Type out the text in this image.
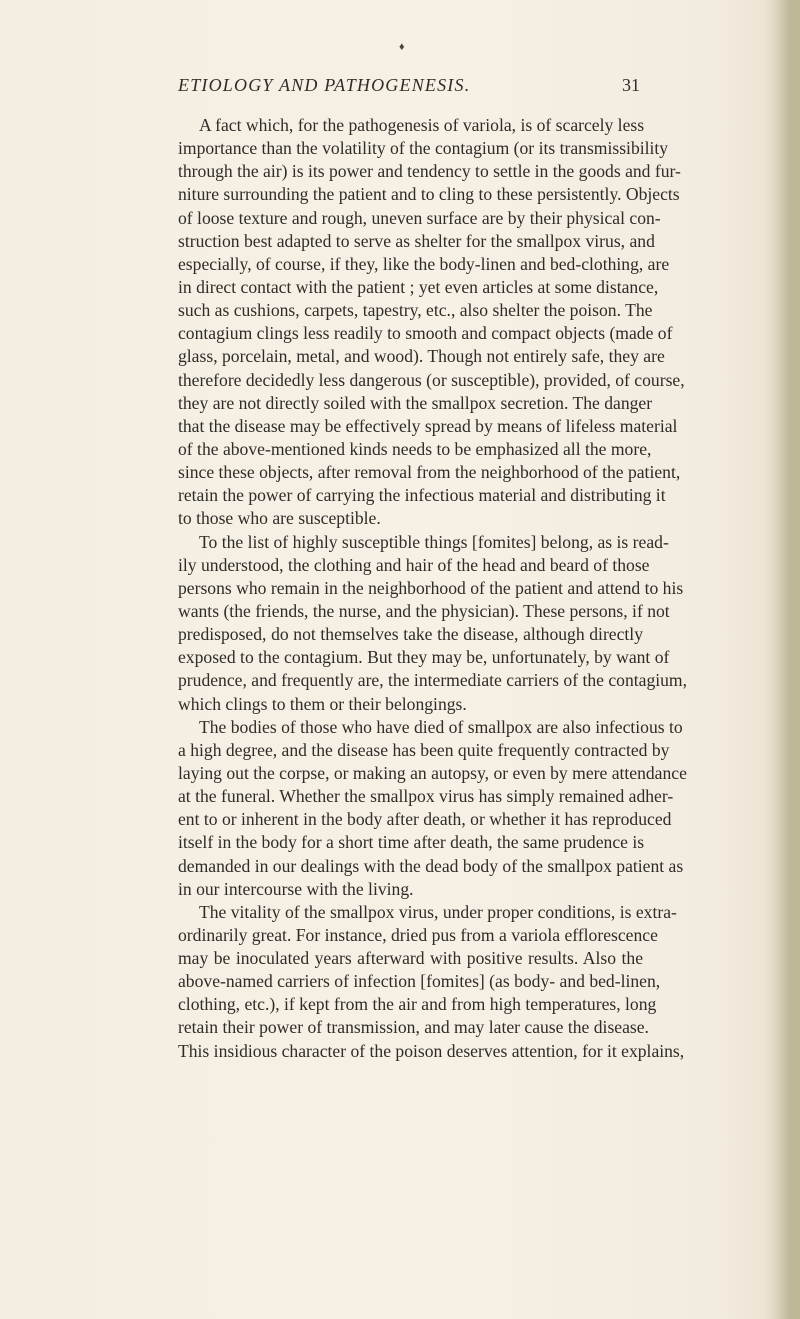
♦
ETIOLOGY AND PATHOGENESIS.	31
A fact which, for the pathogenesis of variola, is of scarcely less
importance than the volatility of the contagium (or its transmissibility
through the air) is its power and tendency to settle in the goods and fur-
niture surrounding the patient and to cling to these persistently. Objects
of loose texture and rough, uneven surface are by their physical con-
struction best adapted to serve as shelter for the smallpox virus, and
especially, of course, if they, like the body-linen and bed-clothing, are
in direct contact with the patient ; yet even articles at some distance,
such as cushions, carpets, tapestry, etc., also shelter the poison. The
contagium clings less readily to smooth and compact objects (made of
glass, porcelain, metal, and wood). Though not entirely safe, they are
therefore decidedly less dangerous (or susceptible), provided, of course,
they are not directly soiled with the smallpox secretion. The danger
that the disease may be effectively spread by means of lifeless material
of the above-mentioned kinds needs to be emphasized all the more,
since these objects, after removal from the neighborhood of the patient,
retain the power of carrying the infectious material and distributing it
to those who are susceptible.
To the list of highly susceptible things [fomites] belong, as is read-
ily understood, the clothing and hair of the head and beard of those
persons who remain in the neighborhood of the patient and attend to his
wants (the friends, the nurse, and the physician). These persons, if not
predisposed, do not themselves take the disease, although directly
exposed to the contagium. But they may be, unfortunately, by want of
prudence, and frequently are, the intermediate carriers of the contagium,
which clings to them or their belongings.
The bodies of those who have died of smallpox are also infectious to
a high degree, and the disease has been quite frequently contracted by
laying out the corpse, or making an autopsy, or even by mere attendance
at the funeral. Whether the smallpox virus has simply remained adher-
ent to or inherent in the body after death, or whether it has reproduced
itself in the body for a short time after death, the same prudence is
demanded in our dealings with the dead body of the smallpox patient as
in our intercourse with the living.
The vitality of the smallpox virus, under proper conditions, is extra-
ordinarily great. For instance, dried pus from a variola efflorescence
may be inoculated years afterward with positive results. Also the
above-named carriers of infection [fomites] (as body- and bed-linen,
clothing, etc.), if kept from the air and from high temperatures, long
retain their power of transmission, and may later cause the disease.
This insidious character of the poison deserves attention, for it explains,
